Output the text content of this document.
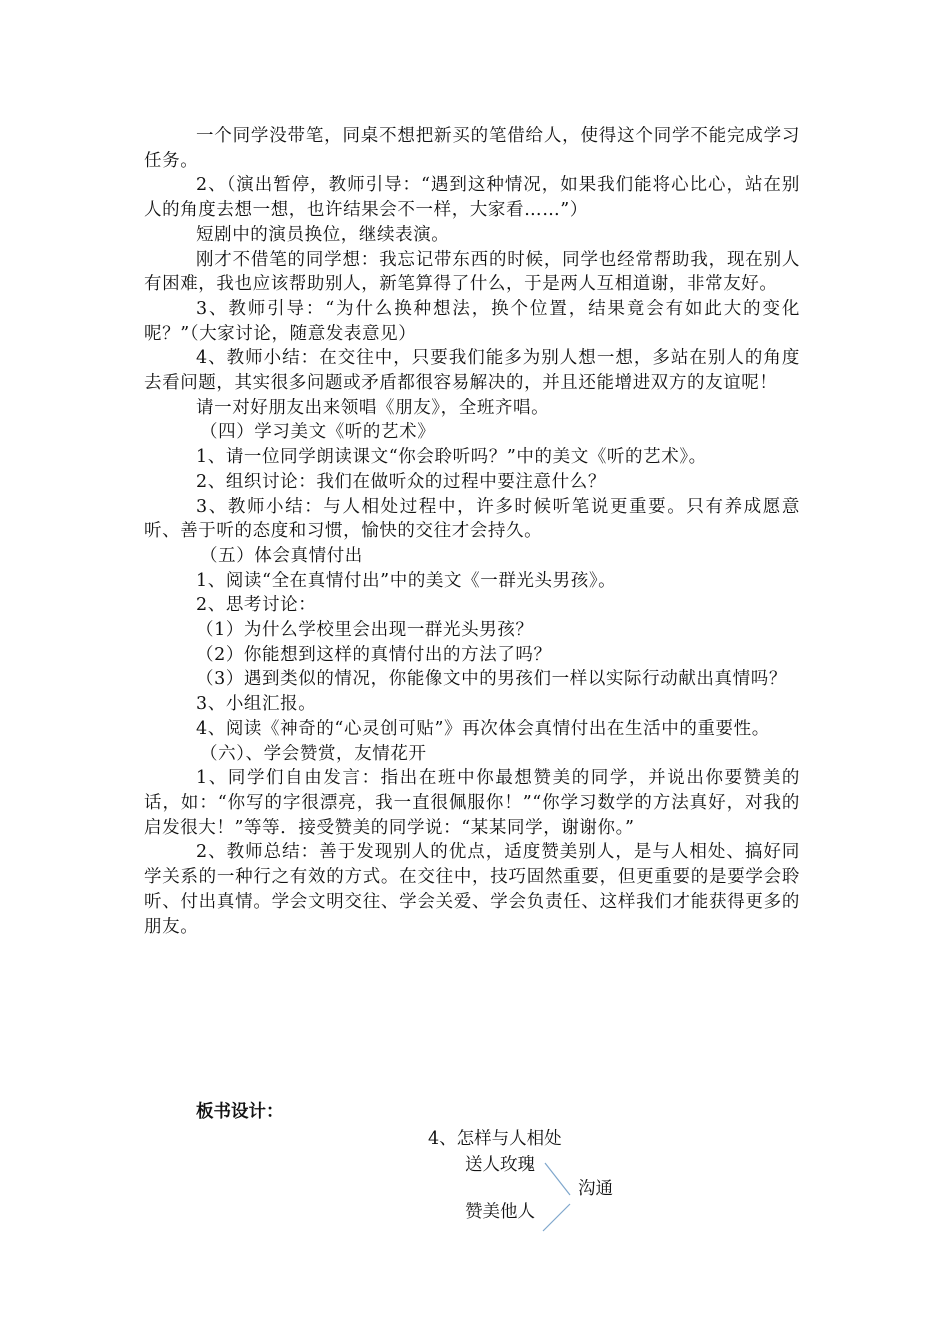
一个同学没带笔，同桌不想把新买的笔借给人，使得这个同学不能完成学习任务。

2、（演出暂停，教师引导：“遇到这种情况，如果我们能将心比心，站在别人的角度去想一想，也许结果会不一样，大家看……”）

短剧中的演员换位，继续表演。

刚才不借笔的同学想：我忘记带东西的时候，同学也经常帮助我，现在别人有困难，我也应该帮助别人，新笔算得了什么，于是两人互相道谢，非常友好。

3、教师引导：“为什么换种想法，换个位置，结果竟会有如此大的变化呢？”（大家讨论，随意发表意见）

4、教师小结：在交往中，只要我们能多为别人想一想，多站在别人的角度去看问题，其实很多问题或矛盾都很容易解决的，并且还能增进双方的友谊呢！

请一对好朋友出来领唱《朋友》，全班齐唱。

（四）学习美文《听的艺术》

1、请一位同学朗读课文“你会聆听吗？”中的美文《听的艺术》。

2、组织讨论：我们在做听众的过程中要注意什么？

3、教师小结：与人相处过程中，许多时候听笔说更重要。只有养成愿意听、善于听的态度和习惯，愉快的交往才会持久。

（五）体会真情付出

1、阅读“全在真情付出”中的美文《一群光头男孩》。

2、思考讨论：

（1）为什么学校里会出现一群光头男孩？

（2）你能想到这样的真情付出的方法了吗？

（3）遇到类似的情况，你能像文中的男孩们一样以实际行动献出真情吗？

3、小组汇报。

4、阅读《神奇的“心灵创可贴”》再次体会真情付出在生活中的重要性。

（六）、学会赞赏，友情花开

1、同学们自由发言：指出在班中你最想赞美的同学，并说出你要赞美的话，如：“你写的字很漂亮，我一直很佩服你！”“你学习数学的方法真好，对我的启发很大！”等等．接受赞美的同学说：“某某同学，谢谢你。”

2、教师总结：善于发现别人的优点，适度赞美别人，是与人相处、搞好同学关系的一种行之有效的方式。在交往中，技巧固然重要，但更重要的是要学会聆听、付出真情。学会文明交往、学会关爱、学会负责任、这样我们才能获得更多的朋友。

板书设计：
4、怎样与人相处
送人玫瑰
沟通
赞美他人
